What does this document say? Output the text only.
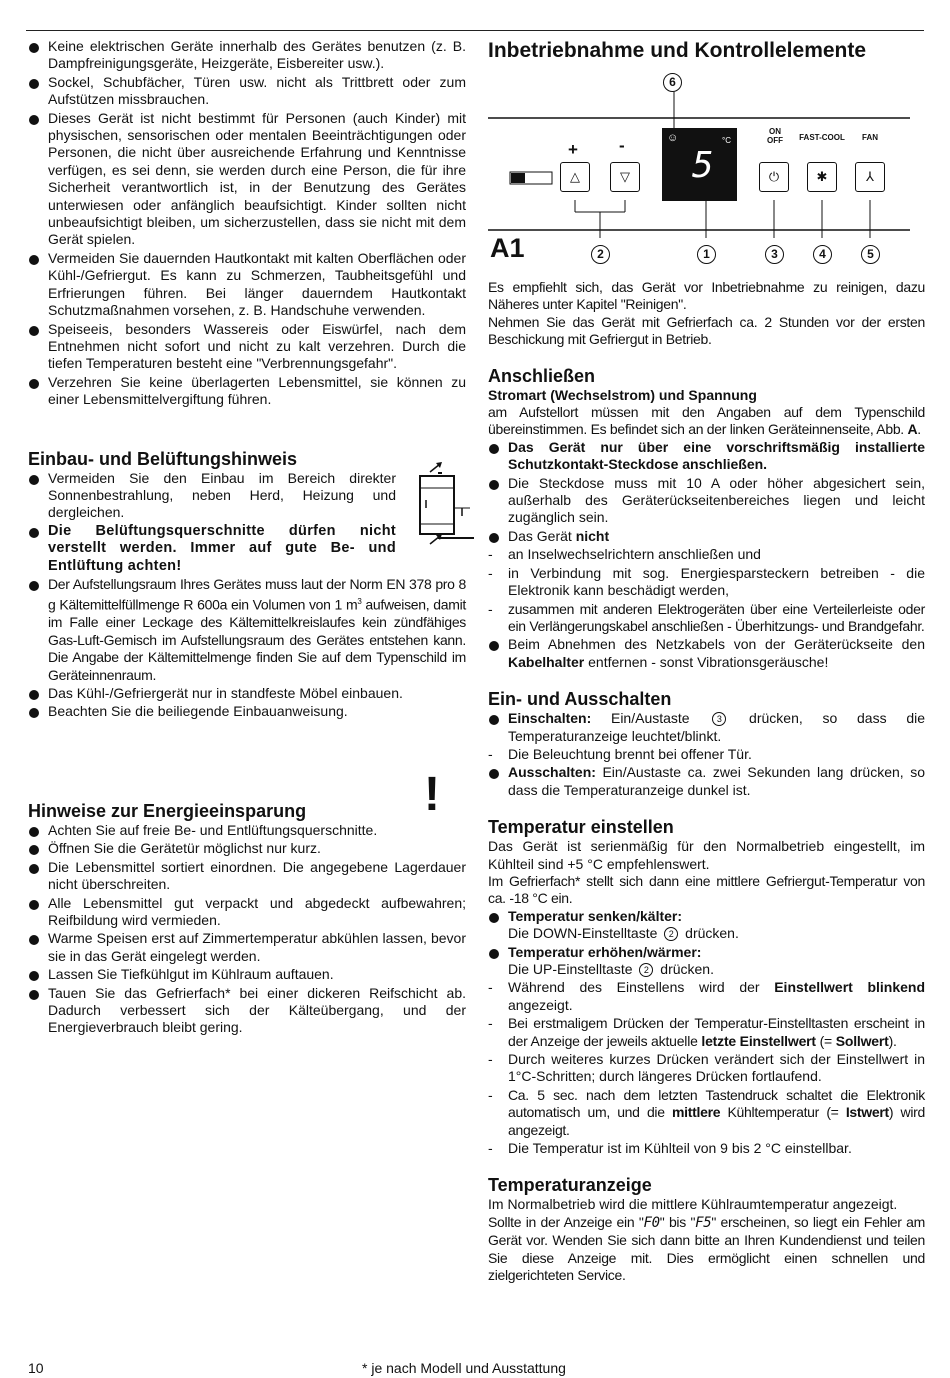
Keine elektrischen Geräte innerhalb des Gerätes benutzen (z. B. Dampfreinigungsgeräte, Heizgeräte, Eisbereiter usw.).

Sockel, Schubfächer, Türen usw. nicht als Trittbrett oder zum Aufstützen missbrauchen.

Dieses Gerät ist nicht bestimmt für Personen (auch Kinder) mit physischen, sensorischen oder mentalen Beeinträchtigungen oder Personen, die nicht über ausreichende Erfahrung und Kenntnisse verfügen, es sei denn, sie werden durch eine Person, die für ihre Sicherheit verantwortlich ist, in der Benutzung des Gerätes unterwiesen oder anfänglich beaufsichtigt. Kinder sollten nicht unbeaufsichtigt bleiben, um sicherzustellen, dass sie nicht mit dem Gerät spielen.

Vermeiden Sie dauernden Hautkontakt mit kalten Oberflächen oder Kühl-/Gefriergut. Es kann zu Schmerzen, Taubheitsgefühl und Erfrierungen führen. Bei länger dauerndem Hautkontakt Schutzmaßnahmen vorsehen, z. B. Handschuhe verwenden.

Speiseeis, besonders Wassereis oder Eiswürfel, nach dem Entnehmen nicht sofort und nicht zu kalt verzehren. Durch die tiefen Temperaturen besteht eine "Verbrennungsgefahr".

Verzehren Sie keine überlagerten Lebensmittel, sie können zu einer Lebensmittelvergiftung führen.

Einbau- und Belüftungshinweis

Vermeiden Sie den Einbau im Bereich direkter Sonnenbestrahlung, neben Herd, Heizung und dergleichen.

Die Belüftungsquerschnitte dürfen nicht verstellt werden. Immer auf gute Be- und Entlüftung achten!

Der Aufstellungsraum Ihres Gerätes muss laut der Norm EN 378 pro 8 g Kältemittelfüllmenge R 600a ein Volumen von 1 $m^3$ aufweisen, damit im Falle einer Leckage des Kältemittelkreislaufes kein zündfähiges Gas-Luft-Gemisch im Aufstellungsraum des Gerätes entstehen kann. Die Angabe der Kältemittelmenge finden Sie auf dem Typenschild im Geräteinnenraum.

Das Kühl-/Gefriergerät nur in standfeste Möbel einbauen.

Beachten Sie die beiliegende Einbauanweisung.

Hinweise zur Energieeinsparung	!

Achten Sie auf freie Be- und Entlüftungsquerschnitte.

Öffnen Sie die Gerätetür möglichst nur kurz.

Die Lebensmittel sortiert einordnen. Die angegebene Lagerdauer nicht überschreiten.

Alle Lebensmittel gut verpackt und abgedeckt aufbewahren; Reifbildung wird vermieden.

Warme Speisen erst auf Zimmertemperatur abkühlen lassen, bevor sie in das Gerät eingelegt werden.

Lassen Sie Tiefkühlgut im Kühlraum auftauen.

Tauen Sie das Gefrierfach* bei einer dickeren Reifschicht ab. Dadurch verbessert sich der Kälteübergang, und der Energieverbrauch bleibt gering.

Inbetriebnahme und Kontrollelemente
6
+ -
△	▽
☺	°C
5
ON
OFF	FAST-COOL	FAN
⏻	✱	⅄
A1	2	1	3	4	5

Es empfiehlt sich, das Gerät vor Inbetriebnahme zu reinigen, dazu Näheres unter Kapitel "Reinigen".

Nehmen Sie das Gerät mit Gefrierfach ca. 2 Stunden vor der ersten Beschickung mit Gefriergut in Betrieb.

Anschließen

Stromart (Wechselstrom) und Spannung

am Aufstellort müssen mit den Angaben auf dem Typenschild übereinstimmen. Es befindet sich an der linken Geräteinnenseite, Abb. A.

Das Gerät nur über eine vorschriftsmäßig installierte Schutzkontakt-Steckdose anschließen.

Die Steckdose muss mit 10 A oder höher abgesichert sein, außerhalb des Geräterückseitenbereiches liegen und leicht zugänglich sein.

Das Gerät nicht

- an Inselwechselrichtern anschließen und

- in Verbindung mit sog. Energiesparsteckern betreiben - die Elektronik kann beschädigt werden,

- zusammen mit anderen Elektrogeräten über eine Verteilerleiste oder ein Verlängerungskabel anschließen - Überhitzungs- und Brandgefahr.

Beim Abnehmen des Netzkabels von der Geräterückseite den Kabelhalter entfernen - sonst Vibrationsgeräusche!

Ein- und Ausschalten

Einschalten: Ein/Austaste 3 drücken, so dass die Temperaturanzeige leuchtet/blinkt.

- Die Beleuchtung brennt bei offener Tür.

Ausschalten: Ein/Austaste ca. zwei Sekunden lang drücken, so dass die Temperaturanzeige dunkel ist.

Temperatur einstellen

Das Gerät ist serienmäßig für den Normalbetrieb eingestellt, im Kühlteil sind +5 °C empfehlenswert.

Im Gefrierfach* stellt sich dann eine mittlere Gefriergut-Temperatur von ca. -18 °C ein.

Temperatur senken/kälter:
Die DOWN-Einstelltaste 2 drücken.

Temperatur erhöhen/wärmer:
Die UP-Einstelltaste 2 drücken.

- Während des Einstellens wird der Einstellwert blinkend angezeigt.

- Bei erstmaligem Drücken der Temperatur-Einstelltasten erscheint in der Anzeige der jeweils aktuelle letzte Einstellwert (= Sollwert).

- Durch weiteres kurzes Drücken verändert sich der Einstellwert in 1°C-Schritten; durch längeres Drücken fortlaufend.

- Ca. 5 sec. nach dem letzten Tastendruck schaltet die Elektronik automatisch um, und die mittlere Kühltemperatur (= Istwert) wird angezeigt.

- Die Temperatur ist im Kühlteil von 9 bis 2 °C einstellbar.

Temperaturanzeige

Im Normalbetrieb wird die mittlere Kühlraumtemperatur angezeigt.

Sollte in der Anzeige ein "F0" bis "F5" erscheinen, so liegt ein Fehler am Gerät vor. Wenden Sie sich dann bitte an Ihren Kundendienst und teilen Sie diese Anzeige mit. Dies ermöglicht einen schnellen und zielgerichteten Service.

10	* je nach Modell und Ausstattung
